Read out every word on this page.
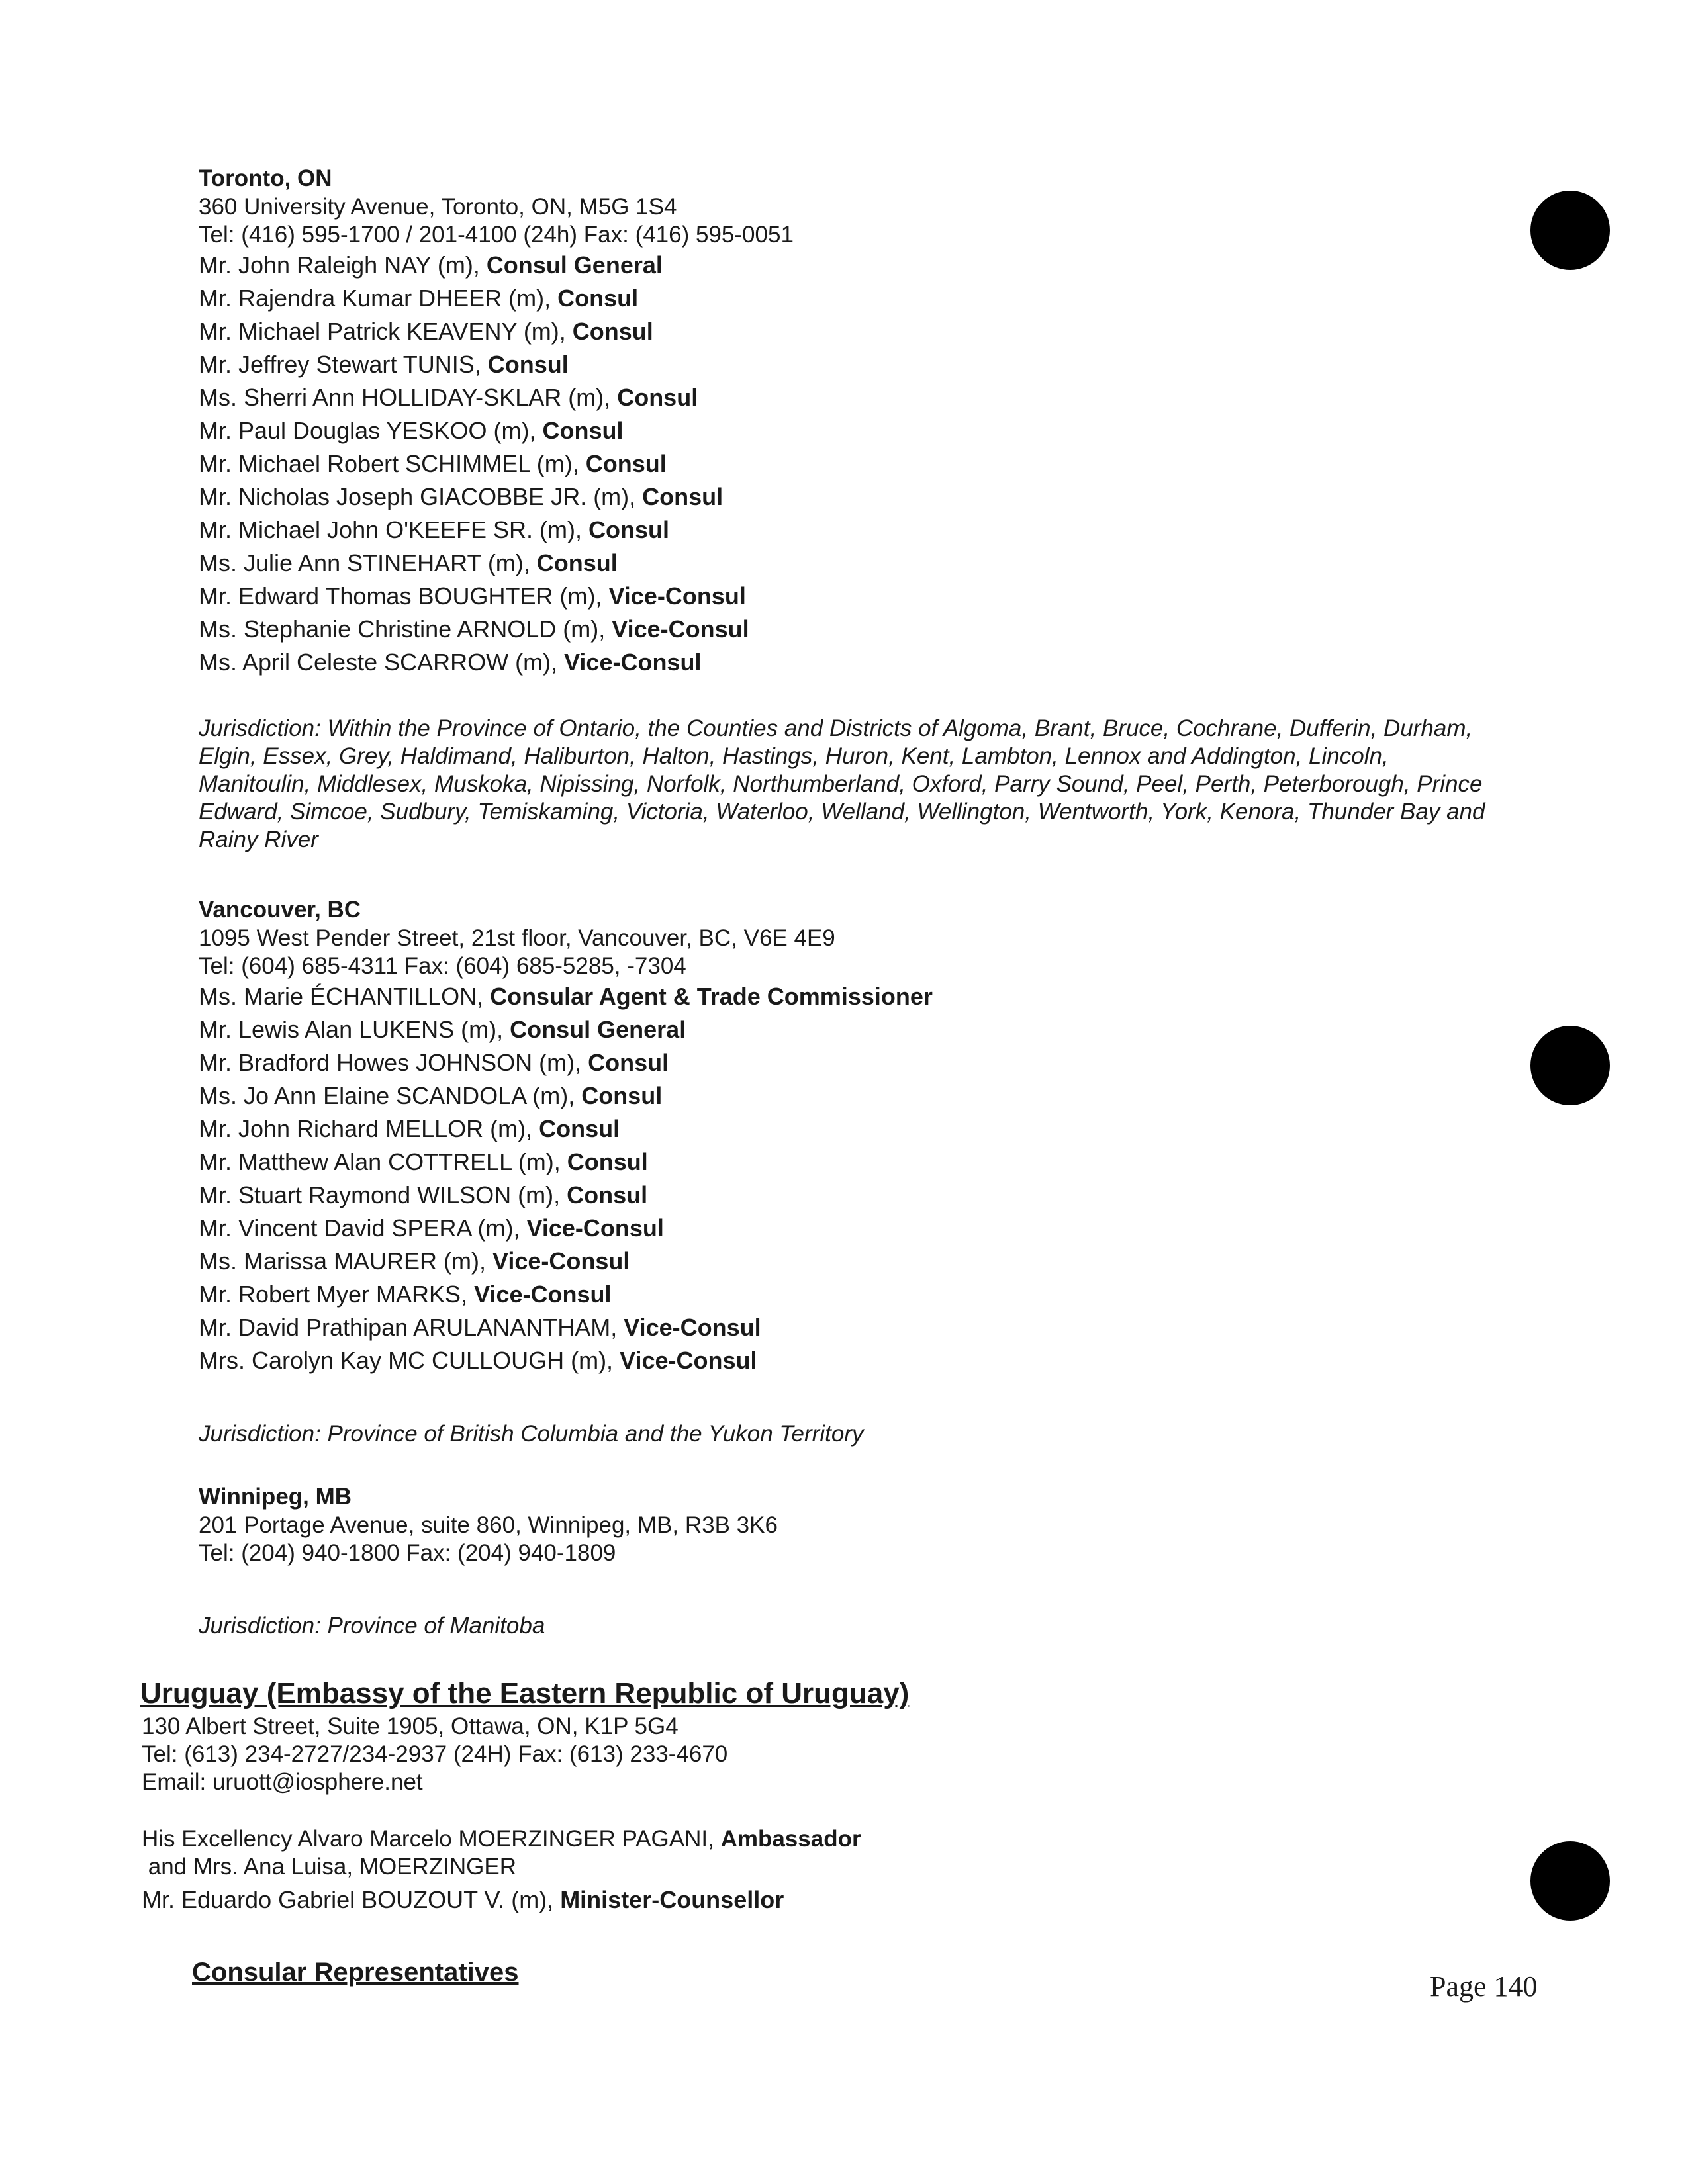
Toronto, ON

360 University Avenue, Toronto, ON, M5G 1S4

Tel: (416) 595-1700 / 201-4100 (24h) Fax: (416) 595-0051

Mr. John Raleigh NAY (m), Consul General

Mr. Rajendra Kumar DHEER (m), Consul

Mr. Michael Patrick KEAVENY (m), Consul

Mr. Jeffrey Stewart TUNIS, Consul

Ms. Sherri Ann HOLLIDAY-SKLAR (m), Consul

Mr. Paul Douglas YESKOO (m), Consul

Mr. Michael Robert SCHIMMEL (m), Consul

Mr. Nicholas Joseph GIACOBBE JR. (m), Consul

Mr. Michael John O'KEEFE SR. (m), Consul

Ms. Julie Ann STINEHART (m), Consul

Mr. Edward Thomas BOUGHTER (m), Vice-Consul

Ms. Stephanie Christine ARNOLD (m), Vice-Consul

Ms. April Celeste SCARROW (m), Vice-Consul

Jurisdiction: Within the Province of Ontario, the Counties and Districts of Algoma, Brant, Bruce, Cochrane, Dufferin, Durham, Elgin, Essex, Grey, Haldimand, Haliburton, Halton, Hastings, Huron, Kent, Lambton, Lennox and Addington, Lincoln, Manitoulin, Middlesex, Muskoka, Nipissing, Norfolk, Northumberland, Oxford, Parry Sound, Peel, Perth, Peterborough, Prince Edward, Simcoe, Sudbury, Temiskaming, Victoria, Waterloo, Welland, Wellington, Wentworth, York, Kenora, Thunder Bay and Rainy River

Vancouver, BC

1095 West Pender Street, 21st floor, Vancouver, BC, V6E 4E9

Tel: (604) 685-4311 Fax: (604) 685-5285, -7304

Ms. Marie ÉCHANTILLON, Consular Agent & Trade Commissioner

Mr. Lewis Alan LUKENS (m), Consul General

Mr. Bradford Howes JOHNSON (m), Consul

Ms. Jo Ann Elaine SCANDOLA (m), Consul

Mr. John Richard MELLOR (m), Consul

Mr. Matthew Alan COTTRELL (m), Consul

Mr. Stuart Raymond WILSON (m), Consul

Mr. Vincent David SPERA (m), Vice-Consul

Ms. Marissa MAURER (m), Vice-Consul

Mr. Robert Myer MARKS, Vice-Consul

Mr. David Prathipan ARULANANTHAM, Vice-Consul

Mrs. Carolyn Kay MC CULLOUGH (m), Vice-Consul

Jurisdiction: Province of British Columbia and the Yukon Territory

Winnipeg, MB

201 Portage Avenue, suite 860, Winnipeg, MB, R3B 3K6

Tel: (204) 940-1800 Fax: (204) 940-1809

Jurisdiction: Province of Manitoba

Uruguay (Embassy of the Eastern Republic of Uruguay)

130 Albert Street, Suite 1905, Ottawa, ON, K1P 5G4

Tel: (613) 234-2727/234-2937 (24H) Fax: (613) 233-4670

Email: uruott@iosphere.net

His Excellency Alvaro Marcelo MOERZINGER PAGANI, Ambassador

and Mrs. Ana Luisa, MOERZINGER

Mr. Eduardo Gabriel BOUZOUT V. (m), Minister-Counsellor

Consular Representatives	Page 140
